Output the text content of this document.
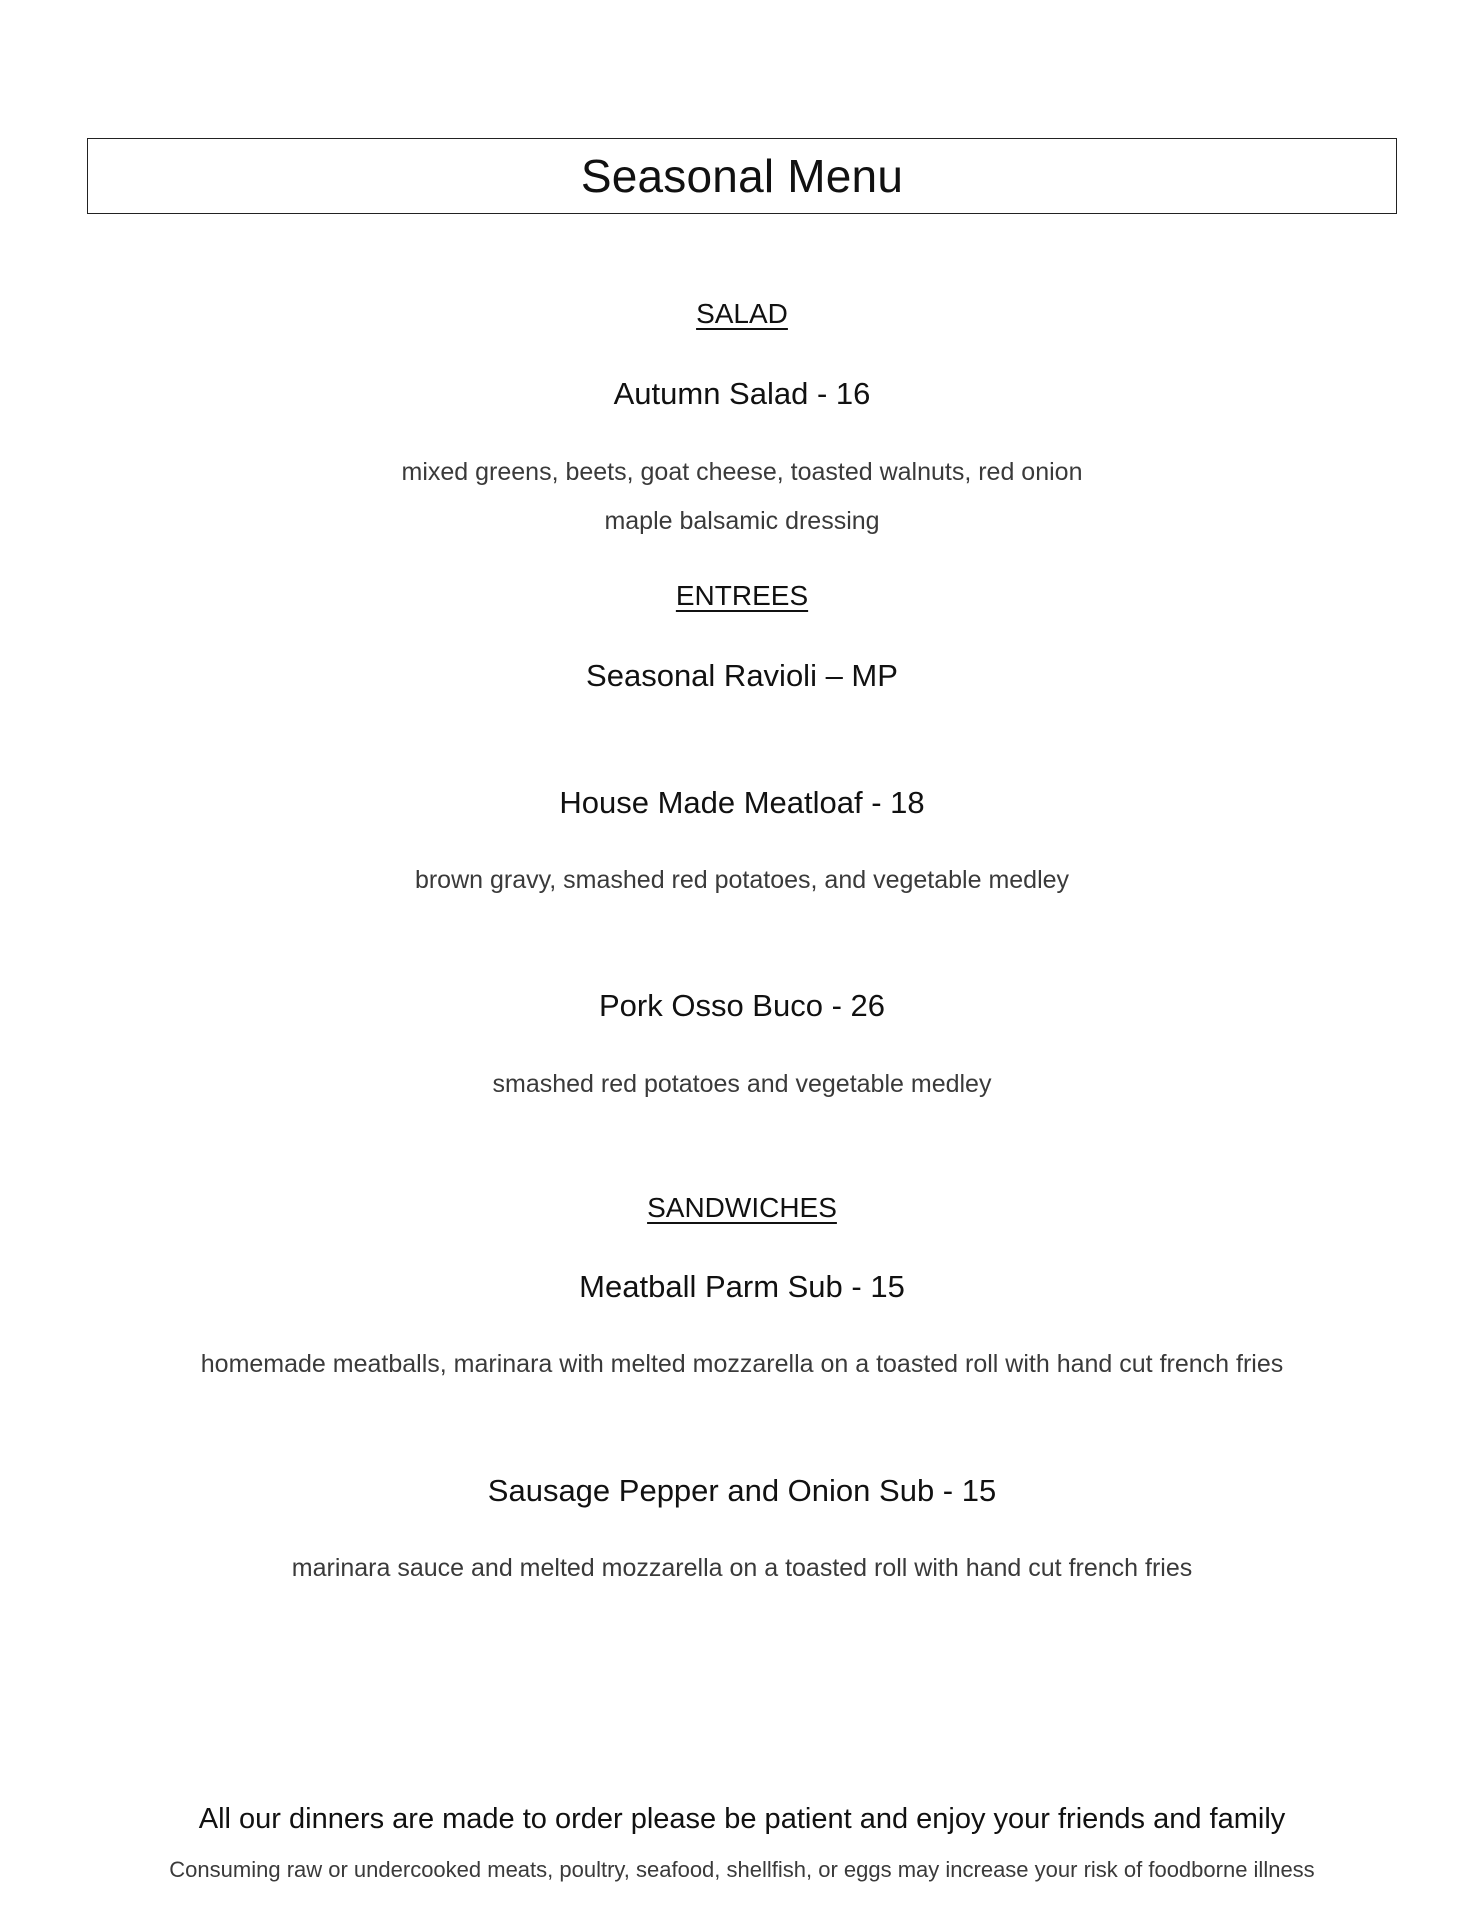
Seasonal Menu

SALAD

Autumn Salad - 16

mixed greens, beets, goat cheese, toasted walnuts, red onion

maple balsamic dressing

ENTREES

Seasonal Ravioli – MP

House Made Meatloaf - 18

brown gravy, smashed red potatoes, and vegetable medley

Pork Osso Buco - 26

smashed red potatoes and vegetable medley

SANDWICHES

Meatball Parm Sub - 15

homemade meatballs, marinara with melted mozzarella on a toasted roll with hand cut french fries

Sausage Pepper and Onion Sub - 15

marinara sauce and melted mozzarella on a toasted roll with hand cut french fries

All our dinners are made to order please be patient and enjoy your friends and family

Consuming raw or undercooked meats, poultry, seafood, shellfish, or eggs may increase your risk of foodborne illness
